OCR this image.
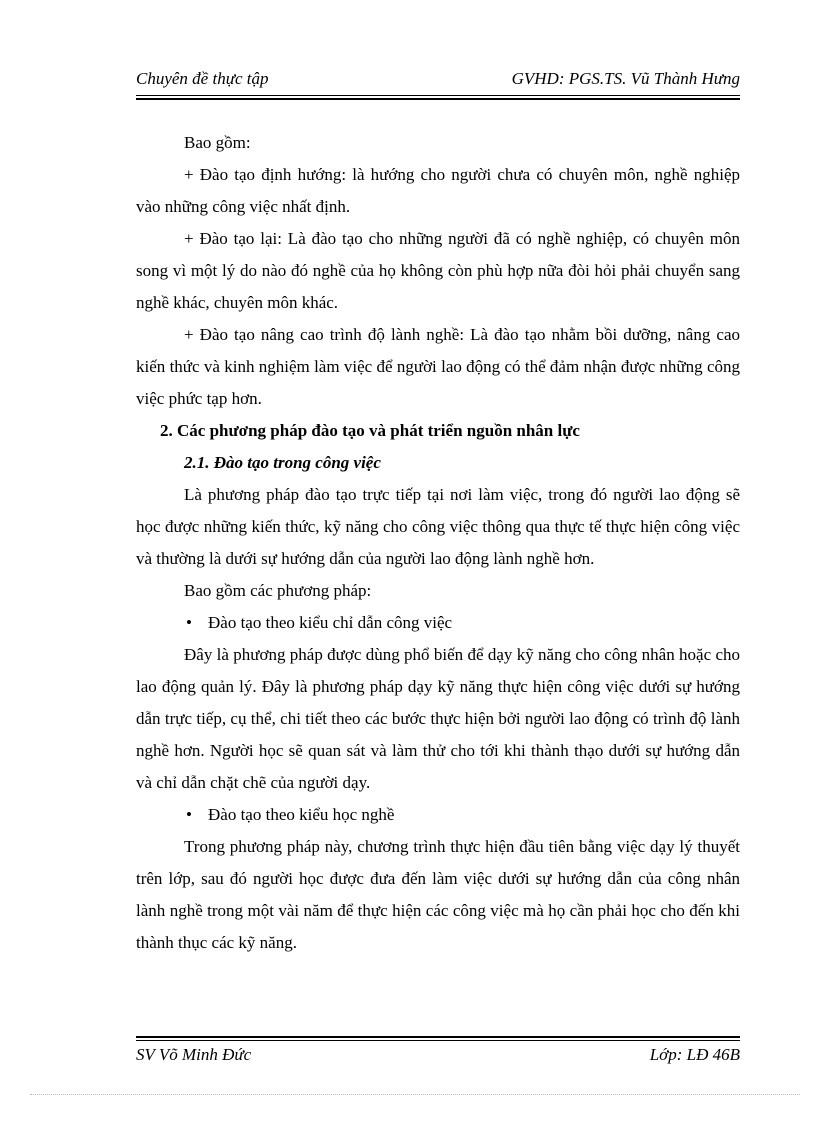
Chuyên đề thực tập	GVHD: PGS.TS. Vũ Thành Hưng

Bao gồm:

+ Đào tạo định hướng: là hướng cho người chưa có chuyên môn, nghề nghiệp vào những công việc nhất định.

+ Đào tạo lại: Là đào tạo cho những người đã có nghề nghiệp, có chuyên môn song vì một lý do nào đó nghề của họ không còn phù hợp nữa đòi hỏi phải chuyển sang nghề khác, chuyên môn khác.

+ Đào tạo nâng cao trình độ lành nghề: Là đào tạo nhằm bồi dưỡng, nâng cao kiến thức và kinh nghiệm làm việc để người lao động có thể đảm nhận được những công việc phức tạp hơn.

2. Các phương pháp đào tạo và phát triển nguồn nhân lực

2.1. Đào tạo trong công việc

Là phương pháp đào tạo trực tiếp tại nơi làm việc, trong đó người lao động sẽ học được những kiến thức, kỹ năng cho công việc thông qua thực tế thực hiện công việc và thường là dưới sự hướng dẫn của người lao động lành nghề hơn.

Bao gồm các phương pháp:

• Đào tạo theo kiểu chỉ dẫn công việc

Đây là phương pháp được dùng phổ biến để dạy kỹ năng cho công nhân hoặc cho lao động quản lý. Đây là phương pháp dạy kỹ năng thực hiện công việc dưới sự hướng dẫn trực tiếp, cụ thể, chi tiết theo các bước thực hiện bởi người lao động có trình độ lành nghề hơn. Người học sẽ quan sát và làm thử cho tới khi thành thạo dưới sự hướng dẫn và chỉ dẫn chặt chẽ của người dạy.

• Đào tạo theo kiểu học nghề

Trong phương pháp này, chương trình thực hiện đầu tiên bằng việc dạy lý thuyết trên lớp, sau đó người học được đưa đến làm việc dưới sự hướng dẫn của công nhân lành nghề trong một vài năm để thực hiện các công việc mà họ cần phải học cho đến khi thành thục các kỹ năng.

SV Võ Minh Đức	Lớp: LĐ 46B
